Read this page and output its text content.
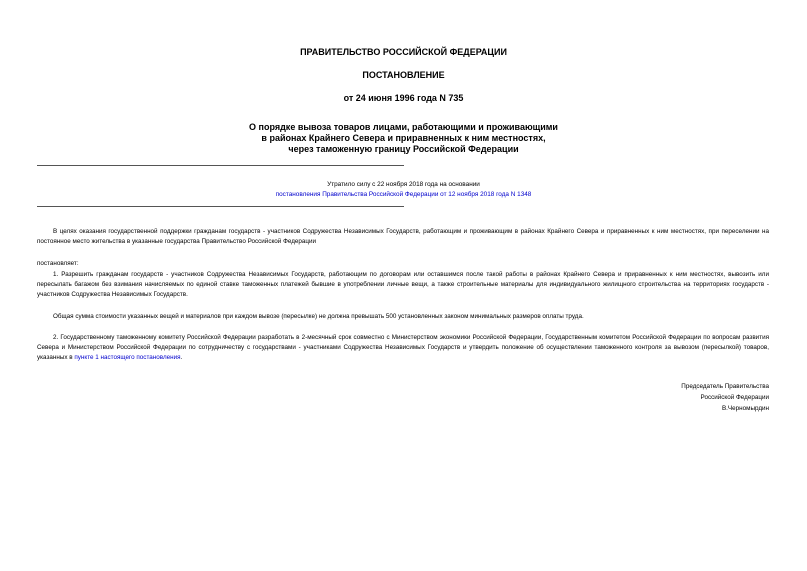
ПРАВИТЕЛЬСТВО РОССИЙСКОЙ ФЕДЕРАЦИИ
ПОСТАНОВЛЕНИЕ
от 24 июня 1996 года N 735
О порядке вывоза товаров лицами, работающими и проживающими
в районах Крайнего Севера и приравненных к ним местностях,
через таможенную границу Российской Федерации
Утратило силу с 22 ноября 2018 года на основании
постановления Правительства Российской Федерации от 12 ноября 2018 года N 1348
В целях оказания государственной поддержки гражданам государств - участников Содружества Независимых Государств, работающим и проживающим в районах Крайнего Севера и приравненных к ним местностях, при переселении на постоянное место жительства в указанные государства Правительство Российской Федерации
постановляет:
1. Разрешить гражданам государств - участников Содружества Независимых Государств, работающим по договорам или оставшимся после такой работы в районах Крайнего Севера и приравненных к ним местностях, вывозить или пересылать багажом без взимания начисляемых по единой ставке таможенных платежей бывшие в употреблении личные вещи, а также строительные материалы для индивидуального жилищного строительства на территориях государств - участников Содружества Независимых Государств.
Общая сумма стоимости указанных вещей и материалов при каждом вывозе (пересылке) не должна превышать 500 установленных законом минимальных размеров оплаты труда.
2. Государственному таможенному комитету Российской Федерации разработать в 2-месячный срок совместно с Министерством экономики Российской Федерации, Государственным комитетом Российской Федерации по вопросам развития Севера и Министерством Российской Федерации по сотрудничеству с государствами - участниками Содружества Независимых Государств и утвердить положение об осуществлении таможенного контроля за вывозом (пересылкой) товаров, указанных в пункте 1 настоящего постановления.
Председатель Правительства
Российской Федерации
В.Черномырдин
